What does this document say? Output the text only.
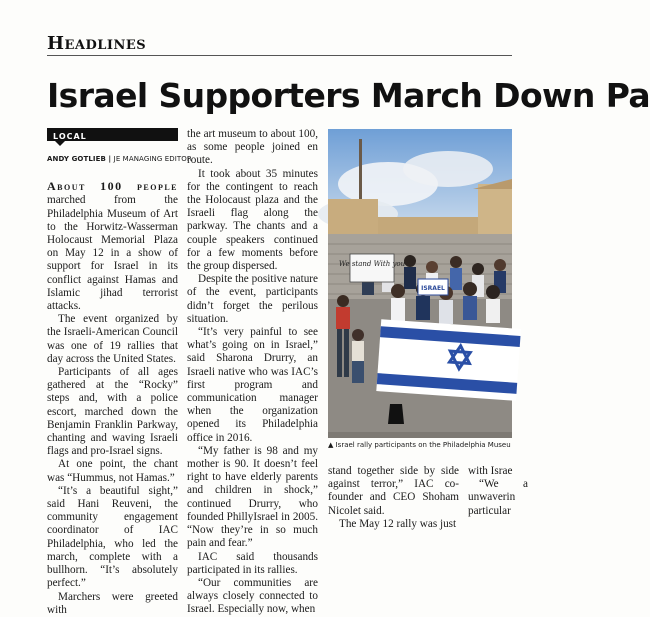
Headlines
Israel Supporters March Down Pa
LOCAL
ANDY GOTLIEB | JE MANAGING EDITOR

About 100 people marched from the Philadelphia Museum of Art to the Horwitz-Wasserman Holocaust Memorial Plaza on May 12 in a show of support for Israel in its conflict against Hamas and Islamic jihad terrorist attacks.

The event organized by the Israeli-American Council was one of 19 rallies that day across the United States.

Participants of all ages gathered at the “Rocky” steps and, with a police escort, marched down the Benjamin Franklin Parkway, chanting and waving Israeli flags and pro-Israel signs.

At one point, the chant was “Hummus, not Hamas.”

“It’s a beautiful sight,” said Hani Reuveni, the community engagement coordinator of IAC Philadelphia, who led the march, complete with a bullhorn. “It’s absolutely perfect.”

Marchers were greeted with

the art museum to about 100, as some people joined en route.

It took about 35 minutes for the contingent to reach the Holocaust plaza and the Israeli flag along the parkway. The chants and a couple speakers continued for a few moments before the group dispersed.

Despite the positive nature of the event, participants didn’t forget the perilous situation.

“It’s very painful to see what’s going on in Israel,” said Sharona Drurry, an Israeli native who was IAC’s first program and communication manager when the organization opened its Philadelphia office in 2016.

“My father is 98 and my mother is 90. It doesn’t feel right to have elderly parents and children in shock,” continued Drurry, who founded PhillyIsrael in 2005. “Now they’re in so much pain and fear.”

IAC said thousands participated in its rallies.

“Our communities are always closely connected to Israel. Especially now, when

We stand With you
ISRAEL
▲ Israel rally participants on the Philadelphia Museu

stand together side by side against terror,” IAC co-founder and CEO Shoham Nicolet said.

The May 12 rally was just

with Israe

“We a unwaverin particular
